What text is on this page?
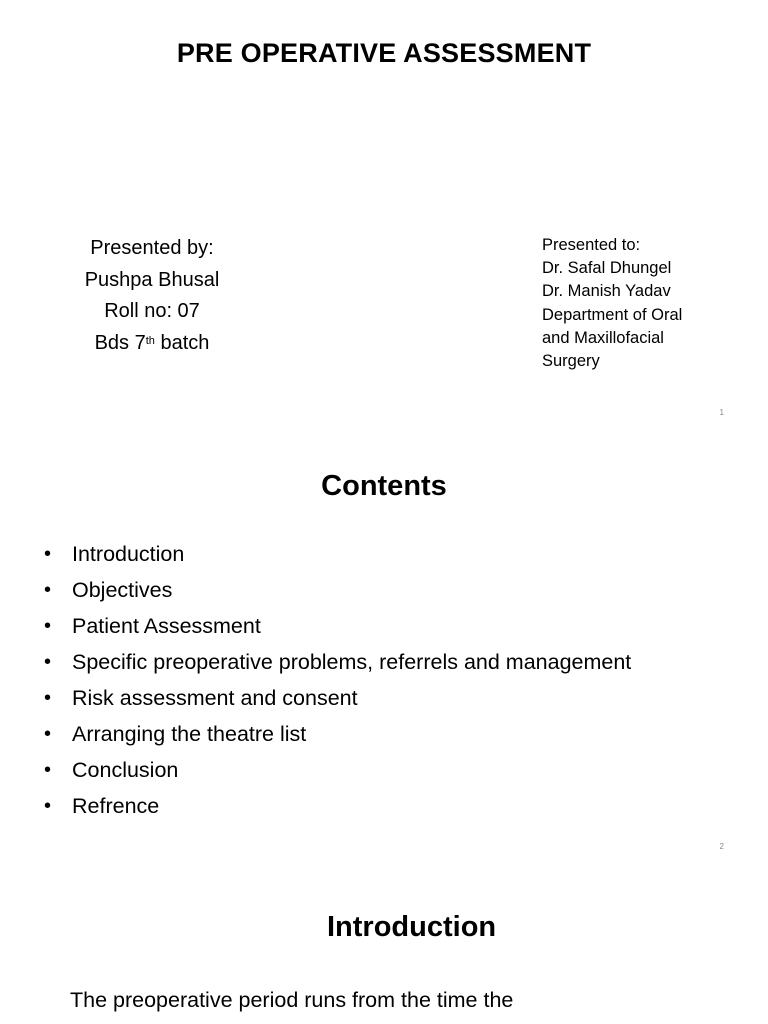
PRE OPERATIVE ASSESSMENT
Presented by:
Pushpa Bhusal
Roll no: 07
Bds 7th batch
Presented to:
Dr. Safal Dhungel
Dr. Manish Yadav
Department of Oral
and Maxillofacial
Surgery
1
Contents
• Introduction
• Objectives
• Patient Assessment
• Specific preoperative problems, referrels and management
• Risk assessment and consent
• Arranging the theatre list
• Conclusion
• Refrence
2
Introduction
The preoperative period runs from the time the
